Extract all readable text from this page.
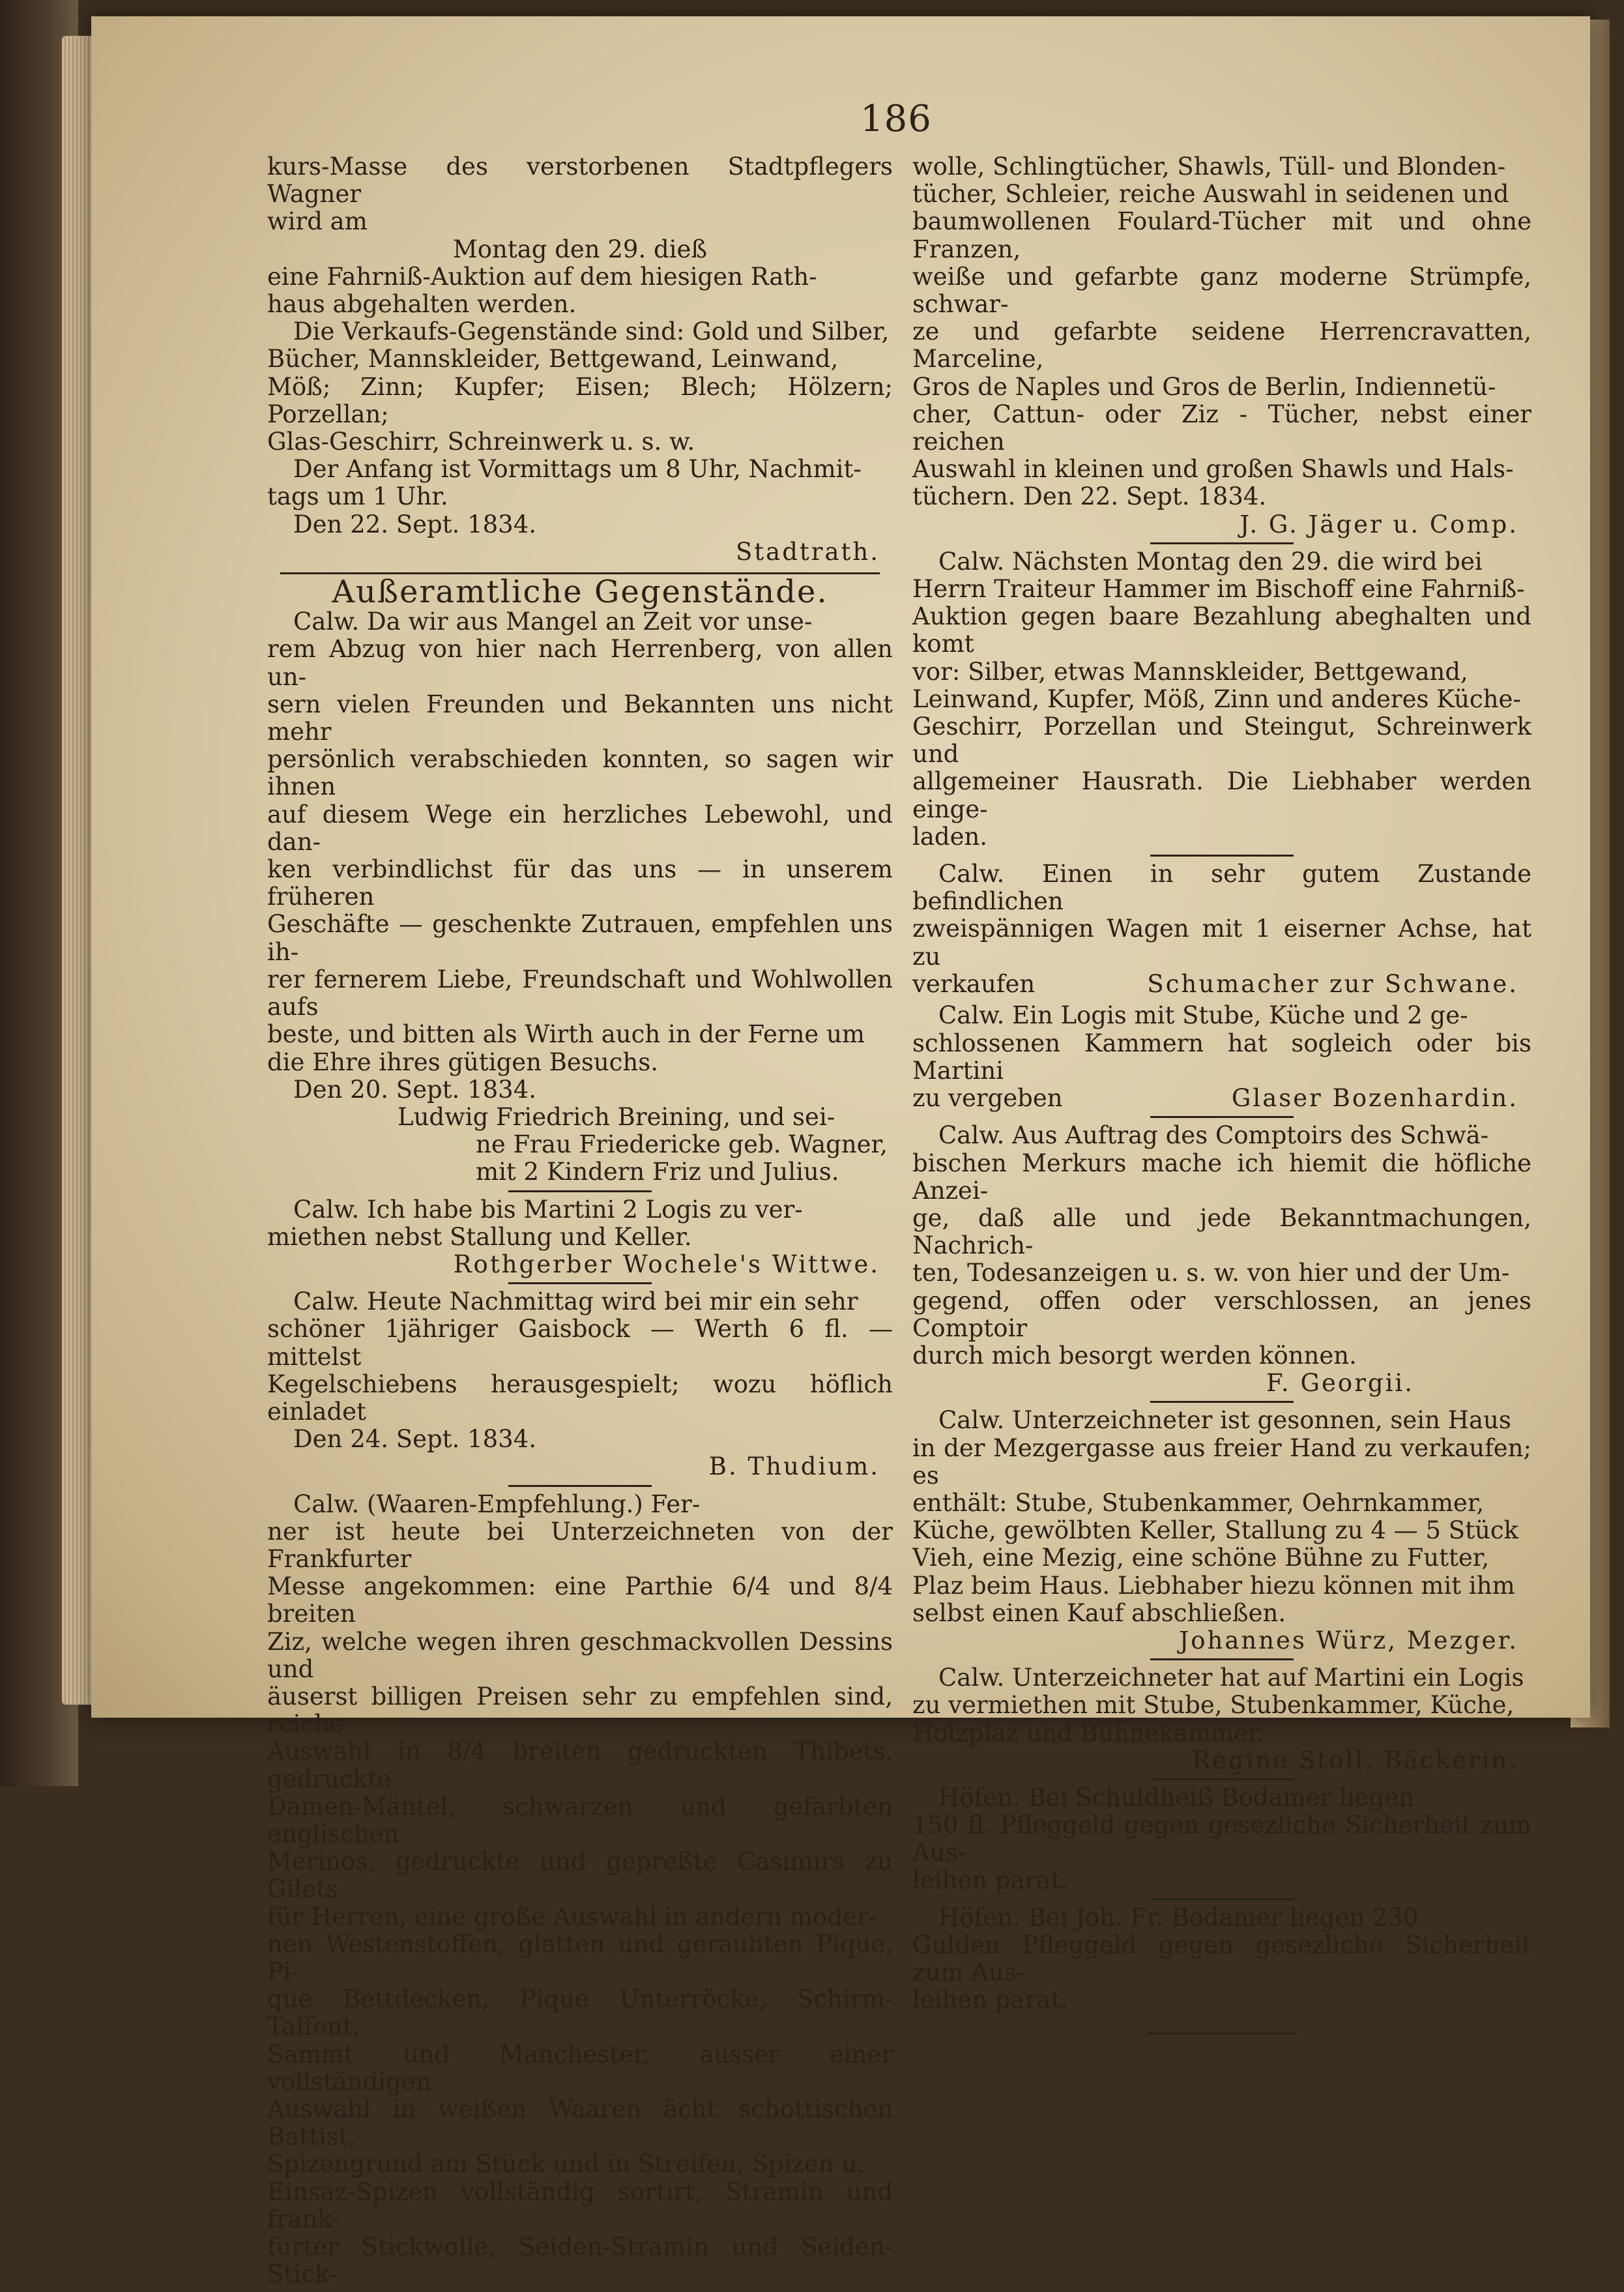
186

kurs-Masse des verstorbenen Stadtpflegers Wagner

wird am

Montag den 29. dieß

eine Fahrniß-Auktion auf dem hiesigen Rath-

haus abgehalten werden.

Die Verkaufs-Gegenstände sind: Gold und Silber,

Bücher, Mannskleider, Bettgewand, Leinwand,

Möß; Zinn; Kupfer; Eisen; Blech; Hölzern; Porzellan;

Glas-Geschirr, Schreinwerk u. s. w.

Der Anfang ist Vormittags um 8 Uhr, Nachmit-

tags um 1 Uhr.

Den 22. Sept. 1834.

Stadtrath.

Außeramtliche Gegenstände.

Calw. Da wir aus Mangel an Zeit vor unse-

rem Abzug von hier nach Herrenberg, von allen un-

sern vielen Freunden und Bekannten uns nicht mehr

persönlich verabschieden konnten, so sagen wir ihnen

auf diesem Wege ein herzliches Lebewohl, und dan-

ken verbindlichst für das uns — in unserem früheren

Geschäfte — geschenkte Zutrauen, empfehlen uns ih-

rer fernerem Liebe, Freundschaft und Wohlwollen aufs

beste, und bitten als Wirth auch in der Ferne um

die Ehre ihres gütigen Besuchs.

Den 20. Sept. 1834.

Ludwig Friedrich Breining, und sei-

ne Frau Friedericke geb. Wagner,

mit 2 Kindern Friz und Julius.

Calw. Ich habe bis Martini 2 Logis zu ver-

miethen nebst Stallung und Keller.

Rothgerber Wochele's Wittwe.

Calw. Heute Nachmittag wird bei mir ein sehr

schöner 1jähriger Gaisbock — Werth 6 fl. — mittelst

Kegelschiebens herausgespielt; wozu höflich einladet

Den 24. Sept. 1834.

B. Thudium.

Calw. (Waaren-Empfehlung.) Fer-

ner ist heute bei Unterzeichneten von der Frankfurter

Messe angekommen: eine Parthie 6/4 und 8/4 breiten

Ziz, welche wegen ihren geschmackvollen Dessins und

äuserst billigen Preisen sehr zu empfehlen sind, reiche

Auswahl in 8/4 breiten gedruckten Thibets, gedruckte

Damen-Mäntel, schwarzen und gefarbten englischen

Merinos, gedruckte und gepreßte Casimirs zu Gilets

für Herren, eine große Auswahl in andern moder-

nen Westenstoffen, glatten und gerauhten Pique, Pi-

que Bettdecken, Pique Unterröcke, Schirm-Taffent,

Sammt und Manchester, ausser einer vollständigen

Auswahl in weißen Waaren ächt schottischen Battist,

Spizengrund am Stück und in Streifen, Spizen u.

Einsaz-Spizen vollständig sortirt, Stramin und frank-

furter Stickwolle, Seiden-Stramin und Seiden-Stick-

wolle, Schlingtücher, Shawls, Tüll- und Blonden-

tücher, Schleier, reiche Auswahl in seidenen und

baumwollenen Foulard-Tücher mit und ohne Franzen,

weiße und gefarbte ganz moderne Strümpfe, schwar-

ze und gefarbte seidene Herrencravatten, Marceline,

Gros de Naples und Gros de Berlin, Indiennetü-

cher, Cattun- oder Ziz - Tücher, nebst einer reichen

Auswahl in kleinen und großen Shawls und Hals-

tüchern. Den 22. Sept. 1834.

J. G. Jäger u. Comp.

Calw. Nächsten Montag den 29. die wird bei

Herrn Traiteur Hammer im Bischoff eine Fahrniß-

Auktion gegen baare Bezahlung abeghalten und komt

vor: Silber, etwas Mannskleider, Bettgewand,

Leinwand, Kupfer, Möß, Zinn und anderes Küche-

Geschirr, Porzellan und Steingut, Schreinwerk und

allgemeiner Hausrath. Die Liebhaber werden einge-

laden.

Calw. Einen in sehr gutem Zustande befindlichen

zweispännigen Wagen mit 1 eiserner Achse, hat zu

verkaufen	Schumacher zur Schwane.

Calw. Ein Logis mit Stube, Küche und 2 ge-

schlossenen Kammern hat sogleich oder bis Martini

zu vergeben	Glaser Bozenhardin.

Calw. Aus Auftrag des Comptoirs des Schwä-

bischen Merkurs mache ich hiemit die höfliche Anzei-

ge, daß alle und jede Bekanntmachungen, Nachrich-

ten, Todesanzeigen u. s. w. von hier und der Um-

gegend, offen oder verschlossen, an jenes Comptoir

durch mich besorgt werden können.

F. Georgii.

Calw. Unterzeichneter ist gesonnen, sein Haus

in der Mezgergasse aus freier Hand zu verkaufen; es

enthält: Stube, Stubenkammer, Oehrnkammer,

Küche, gewölbten Keller, Stallung zu 4 — 5 Stück

Vieh, eine Mezig, eine schöne Bühne zu Futter,

Plaz beim Haus. Liebhaber hiezu können mit ihm

selbst einen Kauf abschließen.

Johannes Würz, Mezger.

Calw. Unterzeichneter hat auf Martini ein Logis

zu vermiethen mit Stube, Stubenkammer, Küche,

Holzplaz und Bühnekammer.

Regine Stoll, Bäckerin.

Höfen. Bei Schuldheiß Bodamer liegen

150 fl. Pfleggeld gegen gesezliche Sicherheit zum Aus-

leihen parat.

Höfen. Bei Joh. Fr. Bodamer liegen 230

Gulden Pfleggeld gegen gesezliche Sicherheit zum Aus-

leihen parat.
